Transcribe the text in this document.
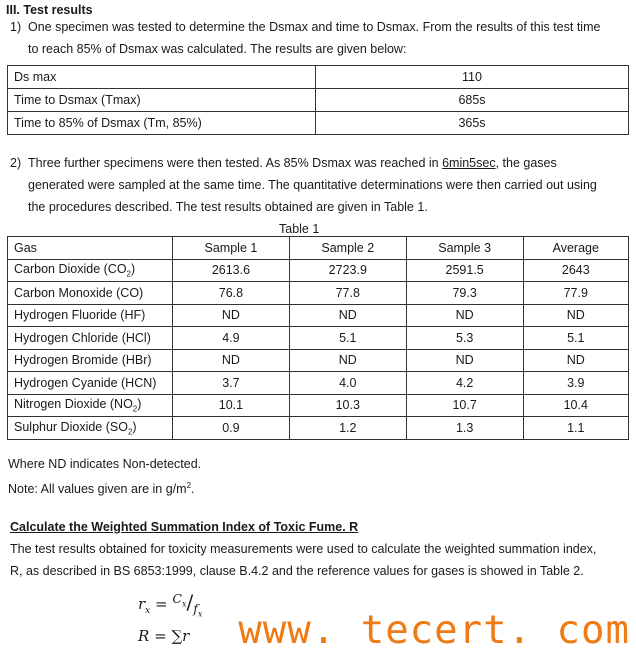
III. Test results
1) One specimen was tested to determine the Dsmax and time to Dsmax. From the results of this test time
to reach 85% of Dsmax was calculated. The results are given below:
Ds max	110
Time to Dsmax (Tmax)	685s
Time to 85% of Dsmax (Tm, 85%)	365s
2) Three further specimens were then tested. As 85% Dsmax was reached in 6min5sec, the gases
generated were sampled at the same time. The quantitative determinations were then carried out using
the procedures described. The test results obtained are given in Table 1.
Table 1
Gas	Sample 1	Sample 2	Sample 3	Average
Carbon Dioxide $(CO_2)$	2613.6	2723.9	2591.5	2643
Carbon Monoxide (CO)	76.8	77.8	79.3	77.9
Hydrogen Fluoride (HF)	ND	ND	ND	ND
Hydrogen Chloride (HCl)	4.9	5.1	5.3	5.1
Hydrogen Bromide (HBr)	ND	ND	ND	ND
Hydrogen Cyanide (HCN)	3.7	4.0	4.2	3.9
Nitrogen Dioxide $(NO_2)$	10.1	10.3	10.7	10.4
Sulphur Dioxide $(SO_2)$	0.9	1.2	1.3	1.1
Where ND indicates Non-detected.
Note: All values given are in $g/m^2$.
Calculate the Weighted Summation Index of Toxic Fume. R
The test results obtained for toxicity measurements were used to calculate the weighted summation index,
R, as described in BS 6853:1999, clause B.4.2 and the reference values for gases is showed in Table 2.
$r_x = ^{C_x}/_{f_x}$
R = ∑r www. tecert. com
